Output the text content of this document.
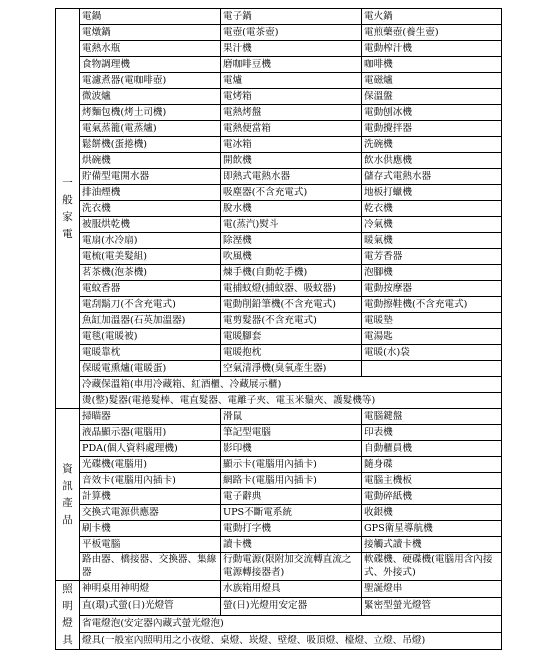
一
般
家
電	電鍋	電子鍋	電火鍋
	電燉鍋	電壺(電茶壺)	電煎藥壺(養生壺)
	電熱水瓶	果汁機	電動榨汁機
	食物調理機	磨咖啡豆機	咖啡機
	電濾煮器(電咖啡壺)	電爐	電磁爐
	微波爐	電烤箱	保溫盤
	烤麵包機(烤土司機)	電熱烤盤	電動刨冰機
	電氣蒸籠(電蒸爐)	電熱便當箱	電動攪拌器
	鬆餅機(蛋捲機)	電冰箱	洗碗機
	烘碗機	開飲機	飲水供應機
	貯備型電開水器	即熱式電熱水器	儲存式電熱水器
	排油煙機	吸塵器(不含充電式)	地板打蠟機
	洗衣機	脫水機	乾衣機
	被服烘乾機	電(蒸汽)熨斗	冷氣機
	電扇(水冷扇)	除溼機	暖氣機
	電梳(電美髮組)	吹風機	電芳香器
	茗茶機(泡茶機)	煉手機(自動乾手機)	泡腳機
	電蚊香器	電捕蚊燈(捕蚊器、吸蚊器)	電動按摩器
	電刮鬍刀(不含充電式)	電動削鉛筆機(不含充電式)	電動擦鞋機(不含充電式)
	魚缸加溫器(石英加溫器)	電剪髮器(不含充電式)	電暖墊
	電毯(電暖被)	電暖腳套	電湯匙
	電暖靠枕	電暖抱枕	電暖(水)袋
	保暖電熏爐(電暖蛋)	空氣清淨機(臭氧產生器)	
	冷藏保溫箱(車用冷藏箱、紅酒櫃、冷藏展示櫃)		
	燙(整)髮器(電捲髮棒、電直髮器、電離子夾、電玉米鬚夾、護髮機等)		

資
訊
產
品	掃瞄器	滑鼠	電腦鍵盤
	液晶顯示器(電腦用)	筆記型電腦	印表機
	PDA(個人資料處理機)	影印機	自動櫃員機
	光碟機(電腦用)	顯示卡(電腦用內插卡)	隨身碟
	音效卡(電腦用內插卡)	網路卡(電腦用內插卡)	電腦主機板
	計算機	電子辭典	電動碎紙機
	交換式電源供應器	UPS不斷電系統	收銀機
	刷卡機	電動打字機	GPS衛星導航機
	平板電腦	讀卡機	接觸式讀卡機
	路由器、橋接器、交換器、集線器	行動電源(限附加交流轉直流之電源轉接器者)	軟碟機、硬碟機(電腦用含內接式、外接式)

照明
燈具	神明桌用神明燈	水族箱用燈具	聖誕燈串
	直(環)式螢(日)光燈管	螢(日)光燈用安定器	緊密型螢光燈管
	省電燈泡(安定器內藏式螢光燈泡)		
	燈具(一般室內照明用之小夜燈、桌燈、崁燈、壁燈、吸頂燈、檯燈、立燈、吊燈)		
